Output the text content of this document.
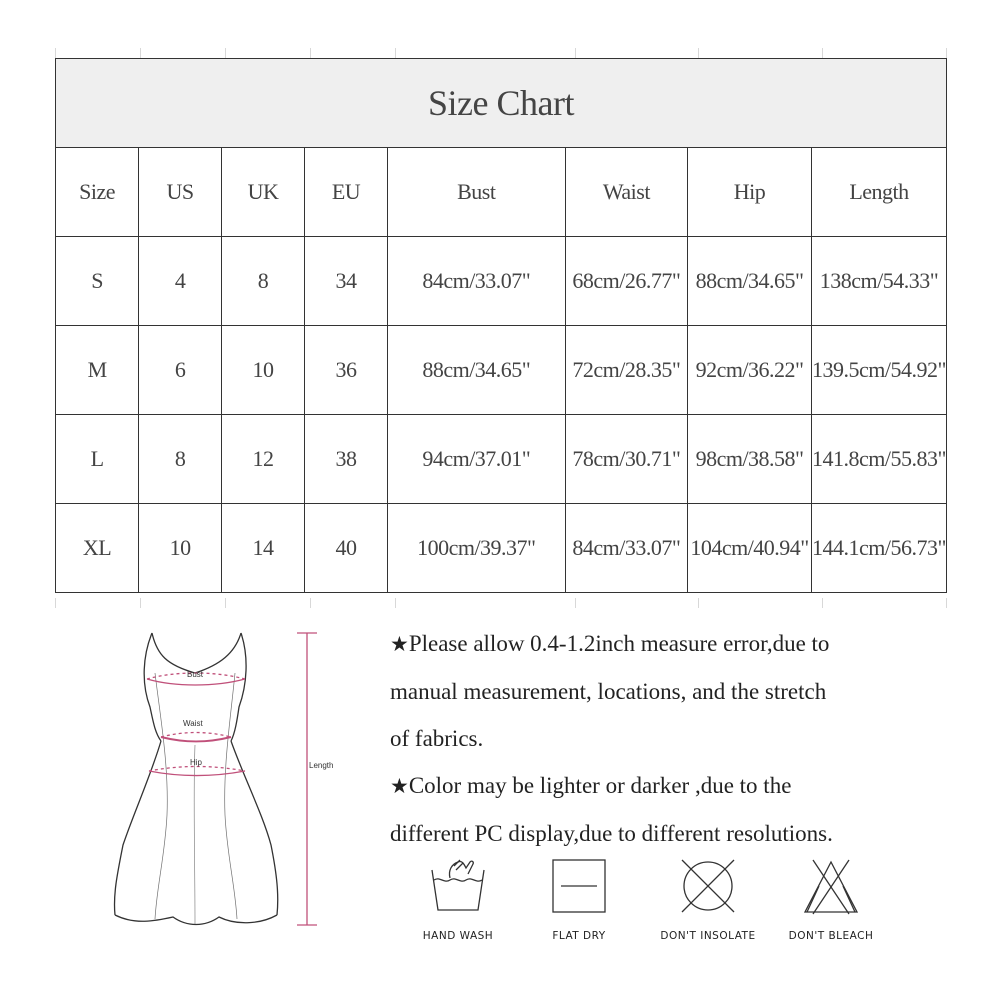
Size Chart							
Size	US	UK	EU	Bust	Waist	Hip	Length
S	4	8	34	84cm/33.07"	68cm/26.77"	88cm/34.65"	138cm/54.33"
M	6	10	36	88cm/34.65"	72cm/28.35"	92cm/36.22"	139.5cm/54.92"
L	8	12	38	94cm/37.01"	78cm/30.71"	98cm/38.58"	141.8cm/55.83"
XL	10	14	40	100cm/39.37"	84cm/33.07"	104cm/40.94"	144.1cm/56.73"
Bust
Waist
Hip	Length

★Please allow 0.4-1.2inch measure error,due to

manual measurement, locations, and the stretch

of fabrics.

★Color may be lighter or darker ,due to the

different PC display,due to different resolutions.

HAND WASH	FLAT DRY	DON'T INSOLATE	DON'T BLEACH
